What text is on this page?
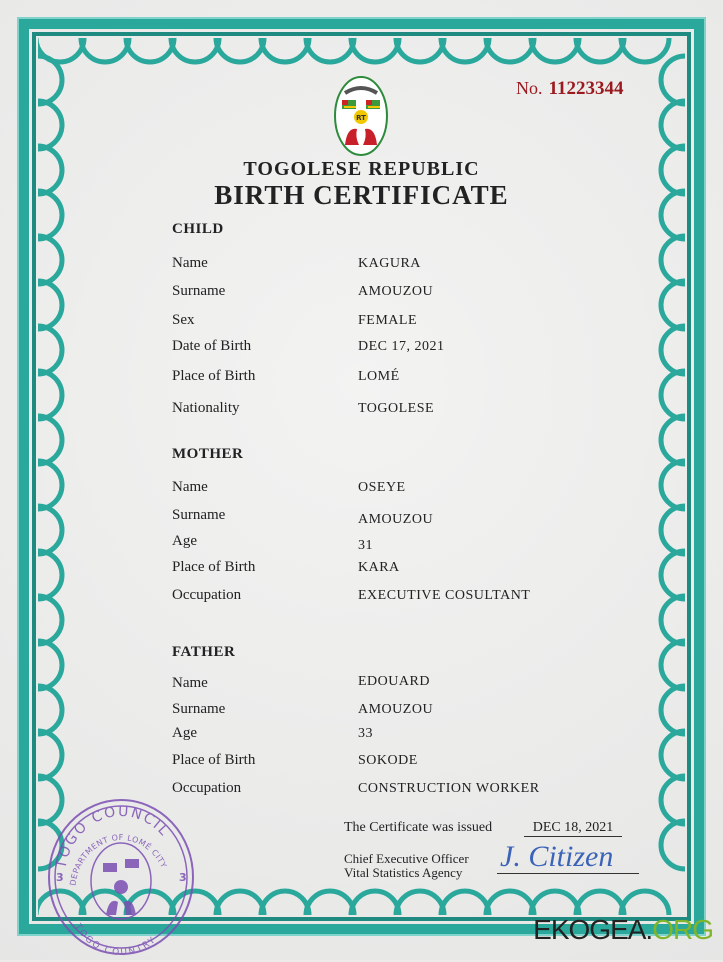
RT
No. 11223344
TOGOLESE REPUBLIC
BIRTH CERTIFICATE
CHILD
Name	KAGURA
Surname	AMOUZOU
Sex	FEMALE
Date of Birth	DEC 17, 2021
Place of Birth	LOMÉ
Nationality	TOGOLESE
MOTHER
Name	OSEYE
Surname	AMOUZOU
Age	31
Place of Birth	KARA
Occupation	EXECUTIVE COSULTANT
FATHER
Name	EDOUARD
Surname	AMOUZOU
Age	33
Place of Birth	SOKODE
Occupation	CONSTRUCTION WORKER
TOGO COUNCIL
DEPARTMENT OF LOMÉ CITY
TOGO COUNTRY
3	3
The Certificate was issued	DEC 18, 2021
Chief Executive Officer
Vital Statistics Agency J. Citizen
EKOGEA.ORG
